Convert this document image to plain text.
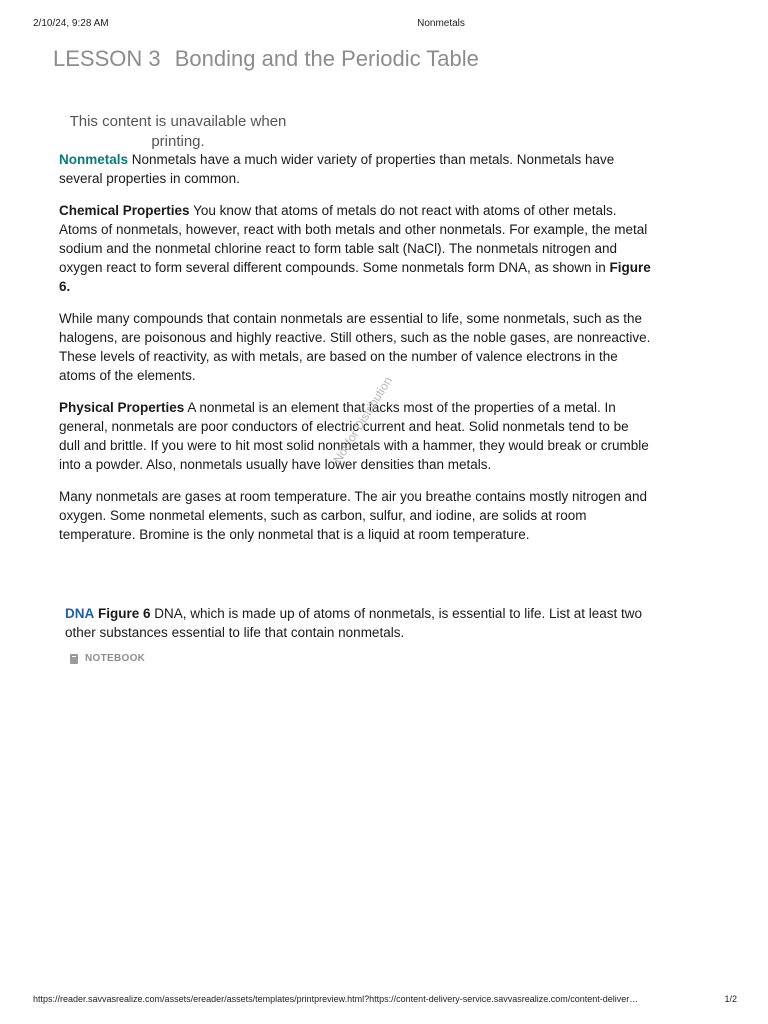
2/10/24, 9:28 AM	Nonmetals
LESSON 3 Bonding and the Periodic Table
This content is unavailable when printing.

Nonmetals Nonmetals have a much wider variety of properties than metals. Nonmetals have several properties in common.

Chemical Properties You know that atoms of metals do not react with atoms of other metals. Atoms of nonmetals, however, react with both metals and other nonmetals. For example, the metal sodium and the nonmetal chlorine react to form table salt (NaCl). The nonmetals nitrogen and oxygen react to form several different compounds. Some nonmetals form DNA, as shown in Figure 6.

While many compounds that contain nonmetals are essential to life, some nonmetals, such as the halogens, are poisonous and highly reactive. Still others, such as the noble gases, are nonreactive. These levels of reactivity, as with metals, are based on the number of valence electrons in the atoms of the elements.

Physical Properties A nonmetal is an element that lacks most of the properties of a metal. In general, nonmetals are poor conductors of electric current and heat. Solid nonmetals tend to be dull and brittle. If you were to hit most solid nonmetals with a hammer, they would break or crumble into a powder. Also, nonmetals usually have lower densities than metals.

Many nonmetals are gases at room temperature. The air you breathe contains mostly nitrogen and oxygen. Some nonmetal elements, such as carbon, sulfur, and iodine, are solids at room temperature. Bromine is the only nonmetal that is a liquid at room temperature.

DNA Figure 6 DNA, which is made up of atoms of nonmetals, is essential to life. List at least two other substances essential to life that contain nonmetals.
NOTEBOOK
Not for Distribution
https://reader.savvasrealize.com/assets/ereader/assets/templates/printpreview.html?https://content-delivery-service.savvasrealize.com/content-deliver…	1/2
